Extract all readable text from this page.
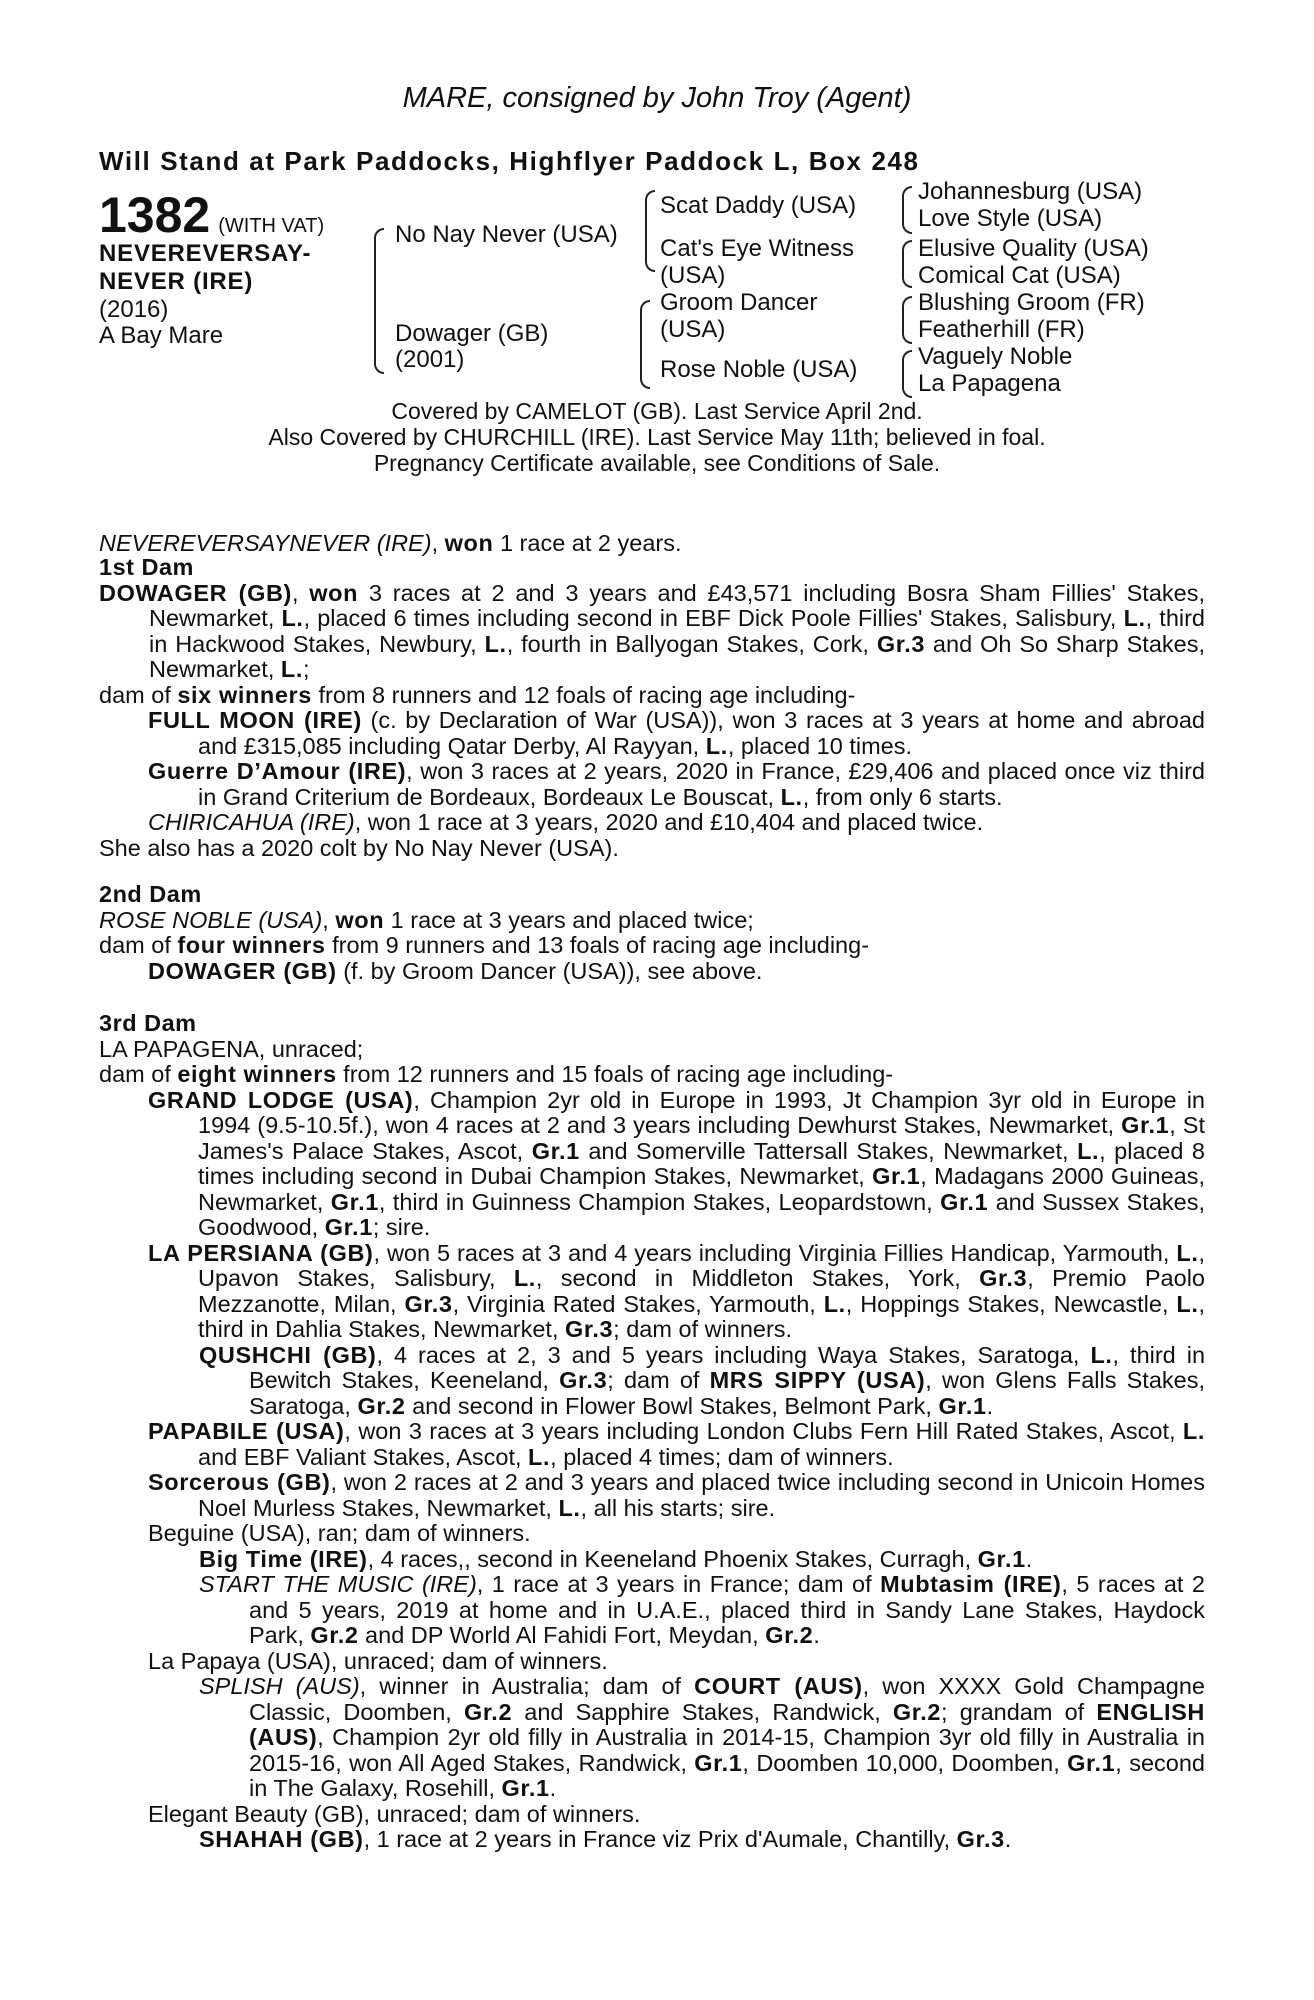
MARE, consigned by John Troy (Agent)
Will Stand at Park Paddocks, Highflyer Paddock L, Box 248
1382 (WITH VAT)
NEVEREVERSAY-
NEVER (IRE)
(2016)
A Bay Mare
No Nay Never (USA)
Dowager (GB)
(2001)
Scat Daddy (USA)
Cat's Eye Witness
(USA)
Groom Dancer
(USA)
Rose Noble (USA)
Johannesburg (USA)
Love Style (USA)
Elusive Quality (USA)
Comical Cat (USA)
Blushing Groom (FR)
Featherhill (FR)
Vaguely Noble
La Papagena
Covered by CAMELOT (GB). Last Service April 2nd.
Also Covered by CHURCHILL (IRE). Last Service May 11th; believed in foal.
Pregnancy Certificate available, see Conditions of Sale.
NEVEREVERSAYNEVER (IRE), won 1 race at 2 years.
1st Dam
DOWAGER (GB), won 3 races at 2 and 3 years and £43,571 including Bosra Sham Fillies' Stakes, Newmarket, L., placed 6 times including second in EBF Dick Poole Fillies' Stakes, Salisbury, L., third in Hackwood Stakes, Newbury, L., fourth in Ballyogan Stakes, Cork, Gr.3 and Oh So Sharp Stakes, Newmarket, L.;
dam of six winners from 8 runners and 12 foals of racing age including-
FULL MOON (IRE) (c. by Declaration of War (USA)), won 3 races at 3 years at home and abroad and £315,085 including Qatar Derby, Al Rayyan, L., placed 10 times.
Guerre D’Amour (IRE), won 3 races at 2 years, 2020 in France, £29,406 and placed once viz third in Grand Criterium de Bordeaux, Bordeaux Le Bouscat, L., from only 6 starts.
CHIRICAHUA (IRE), won 1 race at 3 years, 2020 and £10,404 and placed twice.
She also has a 2020 colt by No Nay Never (USA).
2nd Dam
ROSE NOBLE (USA), won 1 race at 3 years and placed twice;
dam of four winners from 9 runners and 13 foals of racing age including-
DOWAGER (GB) (f. by Groom Dancer (USA)), see above.
3rd Dam
LA PAPAGENA, unraced;
dam of eight winners from 12 runners and 15 foals of racing age including-
GRAND LODGE (USA), Champion 2yr old in Europe in 1993, Jt Champion 3yr old in Europe in 1994 (9.5-10.5f.), won 4 races at 2 and 3 years including Dewhurst Stakes, Newmarket, Gr.1, St James's Palace Stakes, Ascot, Gr.1 and Somerville Tattersall Stakes, Newmarket, L., placed 8 times including second in Dubai Champion Stakes, Newmarket, Gr.1, Madagans 2000 Guineas, Newmarket, Gr.1, third in Guinness Champion Stakes, Leopardstown, Gr.1 and Sussex Stakes, Goodwood, Gr.1; sire.
LA PERSIANA (GB), won 5 races at 3 and 4 years including Virginia Fillies Handicap, Yarmouth, L., Upavon Stakes, Salisbury, L., second in Middleton Stakes, York, Gr.3, Premio Paolo Mezzanotte, Milan, Gr.3, Virginia Rated Stakes, Yarmouth, L., Hoppings Stakes, Newcastle, L., third in Dahlia Stakes, Newmarket, Gr.3; dam of winners.
QUSHCHI (GB), 4 races at 2, 3 and 5 years including Waya Stakes, Saratoga, L., third in Bewitch Stakes, Keeneland, Gr.3; dam of MRS SIPPY (USA), won Glens Falls Stakes, Saratoga, Gr.2 and second in Flower Bowl Stakes, Belmont Park, Gr.1.
PAPABILE (USA), won 3 races at 3 years including London Clubs Fern Hill Rated Stakes, Ascot, L. and EBF Valiant Stakes, Ascot, L., placed 4 times; dam of winners.
Sorcerous (GB), won 2 races at 2 and 3 years and placed twice including second in Unicoin Homes Noel Murless Stakes, Newmarket, L., all his starts; sire.
Beguine (USA), ran; dam of winners.
Big Time (IRE), 4 races,, second in Keeneland Phoenix Stakes, Curragh, Gr.1.
START THE MUSIC (IRE), 1 race at 3 years in France; dam of Mubtasim (IRE), 5 races at 2 and 5 years, 2019 at home and in U.A.E., placed third in Sandy Lane Stakes, Haydock Park, Gr.2 and DP World Al Fahidi Fort, Meydan, Gr.2.
La Papaya (USA), unraced; dam of winners.
SPLISH (AUS), winner in Australia; dam of COURT (AUS), won XXXX Gold Champagne Classic, Doomben, Gr.2 and Sapphire Stakes, Randwick, Gr.2; grandam of ENGLISH (AUS), Champion 2yr old filly in Australia in 2014-15, Champion 3yr old filly in Australia in 2015-16, won All Aged Stakes, Randwick, Gr.1, Doomben 10,000, Doomben, Gr.1, second in The Galaxy, Rosehill, Gr.1.
Elegant Beauty (GB), unraced; dam of winners.
SHAHAH (GB), 1 race at 2 years in France viz Prix d'Aumale, Chantilly, Gr.3.
